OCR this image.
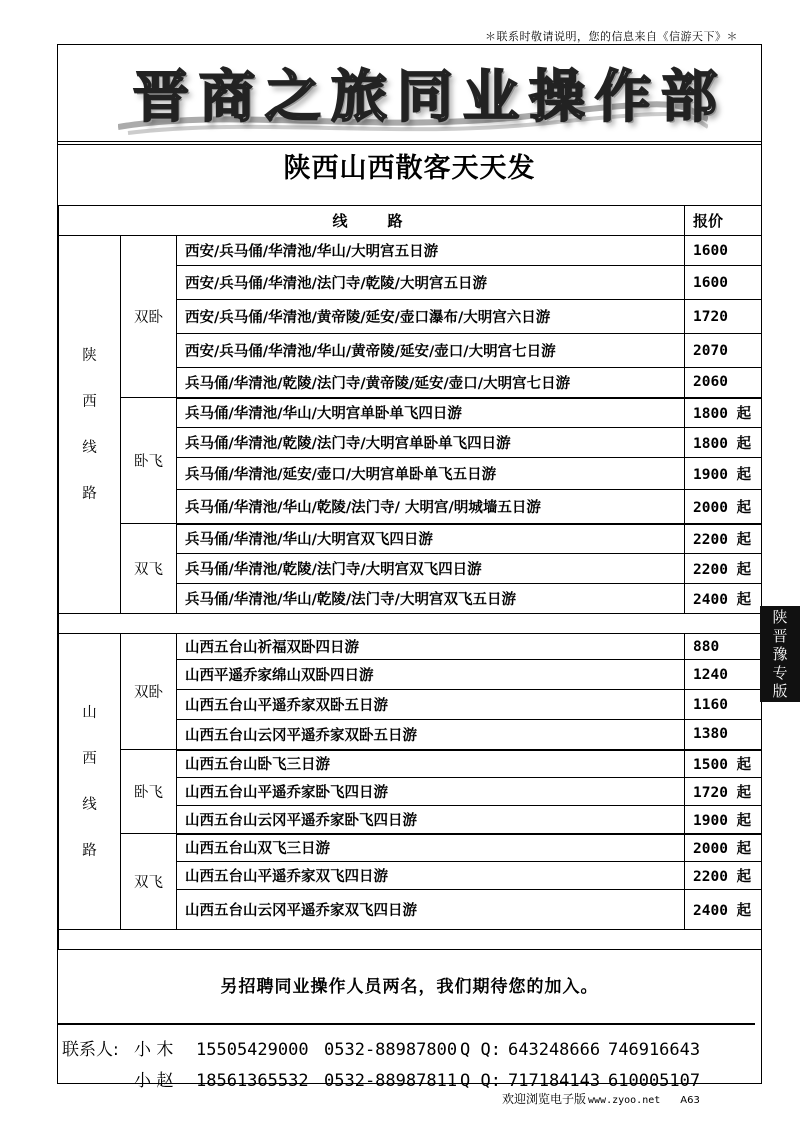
＊联系时敬请说明，您的信息来自《信游天下》＊
晋商之旅同业操作部
陕西山西散客天天发
线路			报价

陕
西
线
路	双卧	西安/兵马俑/华清池/华山/大明宫五日游	1600
		西安/兵马俑/华清池/法门寺/乾陵/大明宫五日游	1600
		西安/兵马俑/华清池/黄帝陵/延安/壶口瀑布/大明宫六日游	1720
		西安/兵马俑/华清池/华山/黄帝陵/延安/壶口/大明宫七日游	2070
		兵马俑/华清池/乾陵/法门寺/黄帝陵/延安/壶口/大明宫七日游	2060
	卧飞	兵马俑/华清池/华山/大明宫单卧单飞四日游	1800 起
		兵马俑/华清池/乾陵/法门寺/大明宫单卧单飞四日游	1800 起
		兵马俑/华清池/延安/壶口/大明宫单卧单飞五日游	1900 起
		兵马俑/华清池/华山/乾陵/法门寺/ 大明宫/明城墙五日游	2000 起
	双飞	兵马俑/华清池/华山/大明宫双飞四日游	2200 起
		兵马俑/华清池/乾陵/法门寺/大明宫双飞四日游	2200 起
		兵马俑/华清池/华山/乾陵/法门寺/大明宫双飞五日游	2400 起

山
西
线
路	双卧	山西五台山祈福双卧四日游	880
		山西平遥乔家绵山双卧四日游	1240
		山西五台山平遥乔家双卧五日游	1160
		山西五台山云冈平遥乔家双卧五日游	1380
	卧飞	山西五台山卧飞三日游	1500 起
		山西五台山平遥乔家卧飞四日游	1720 起
		山西五台山云冈平遥乔家卧飞四日游	1900 起
	双飞	山西五台山双飞三日游	2000 起
		山西五台山平遥乔家双飞四日游	2200 起
		山西五台山云冈平遥乔家双飞四日游	2400 起

另招聘同业操作人员两名，我们期待您的加入。
联系人: 小 木 15505429000 0532-88987800 Q Q: 643248666 746916643
小 赵 18561365532 0532-88987811 Q Q: 717184143 610005107
陕
晋
豫
专
版
欢迎浏览电子版 www.zyoo.net A63
